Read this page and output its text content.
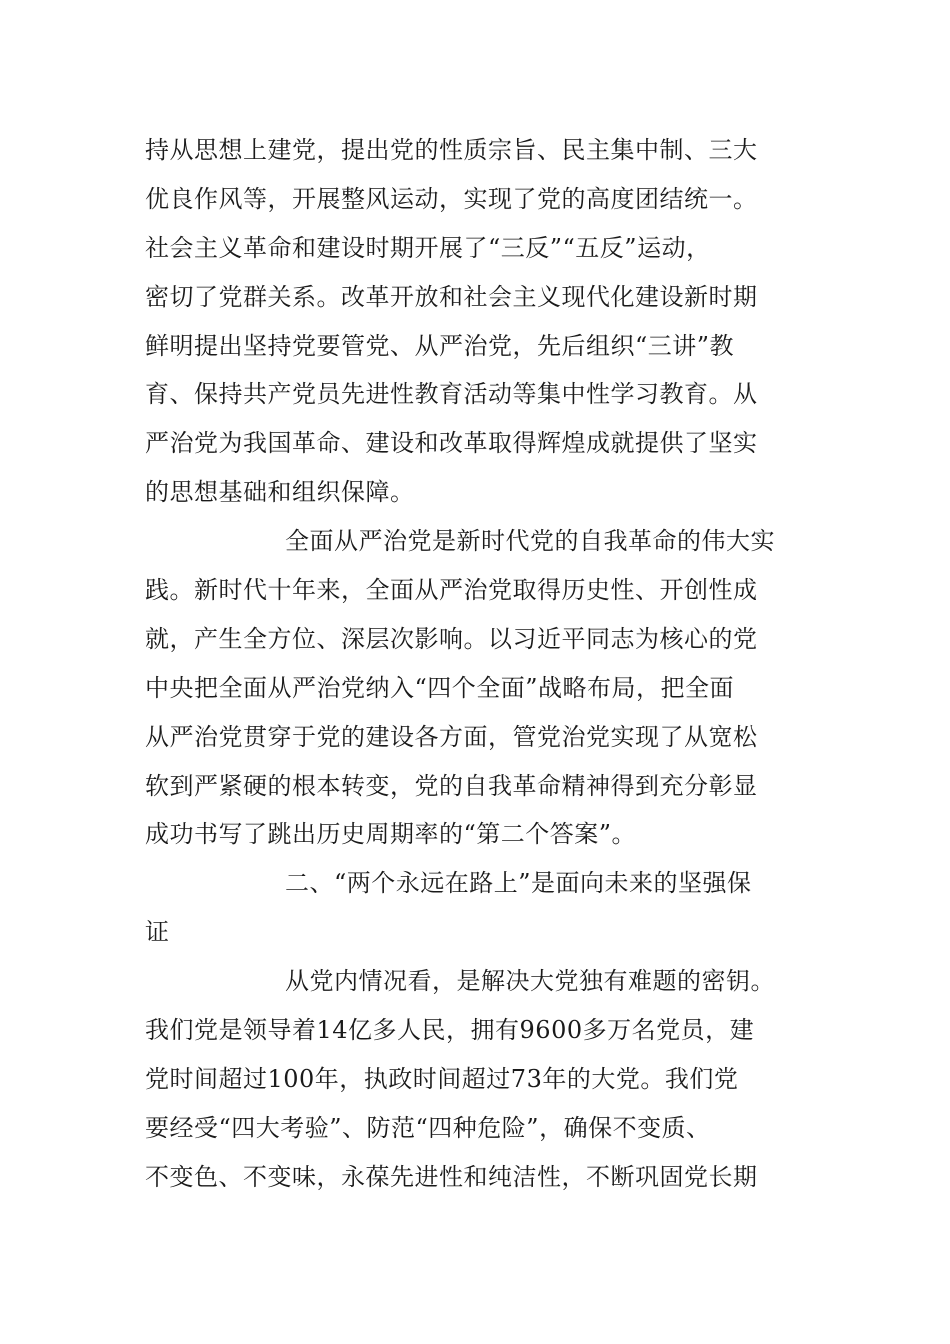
持从思想上建党，提出党的性质宗旨、民主集中制、三大
优良作风等，开展整风运动，实现了党的高度团结统一。
社会主义革命和建设时期开展了“三反”“五反”运动，
密切了党群关系。改革开放和社会主义现代化建设新时期
鲜明提出坚持党要管党、从严治党，先后组织“三讲”教
育、保持共产党员先进性教育活动等集中性学习教育。从
严治党为我国革命、建设和改革取得辉煌成就提供了坚实
的思想基础和组织保障。
全面从严治党是新时代党的自我革命的伟大实
践。新时代十年来，全面从严治党取得历史性、开创性成
就，产生全方位、深层次影响。以习近平同志为核心的党
中央把全面从严治党纳入“四个全面”战略布局，把全面
从严治党贯穿于党的建设各方面，管党治党实现了从宽松
软到严紧硬的根本转变，党的自我革命精神得到充分彰显
成功书写了跳出历史周期率的“第二个答案”。
二、“两个永远在路上”是面向未来的坚强保
证
从党内情况看，是解决大党独有难题的密钥。
我们党是领导着14亿多人民，拥有9600多万名党员，建
党时间超过100年，执政时间超过73年的大党。我们党
要经受“四大考验”、防范“四种危险”，确保不变质、
不变色、不变味，永葆先进性和纯洁性，不断巩固党长期
